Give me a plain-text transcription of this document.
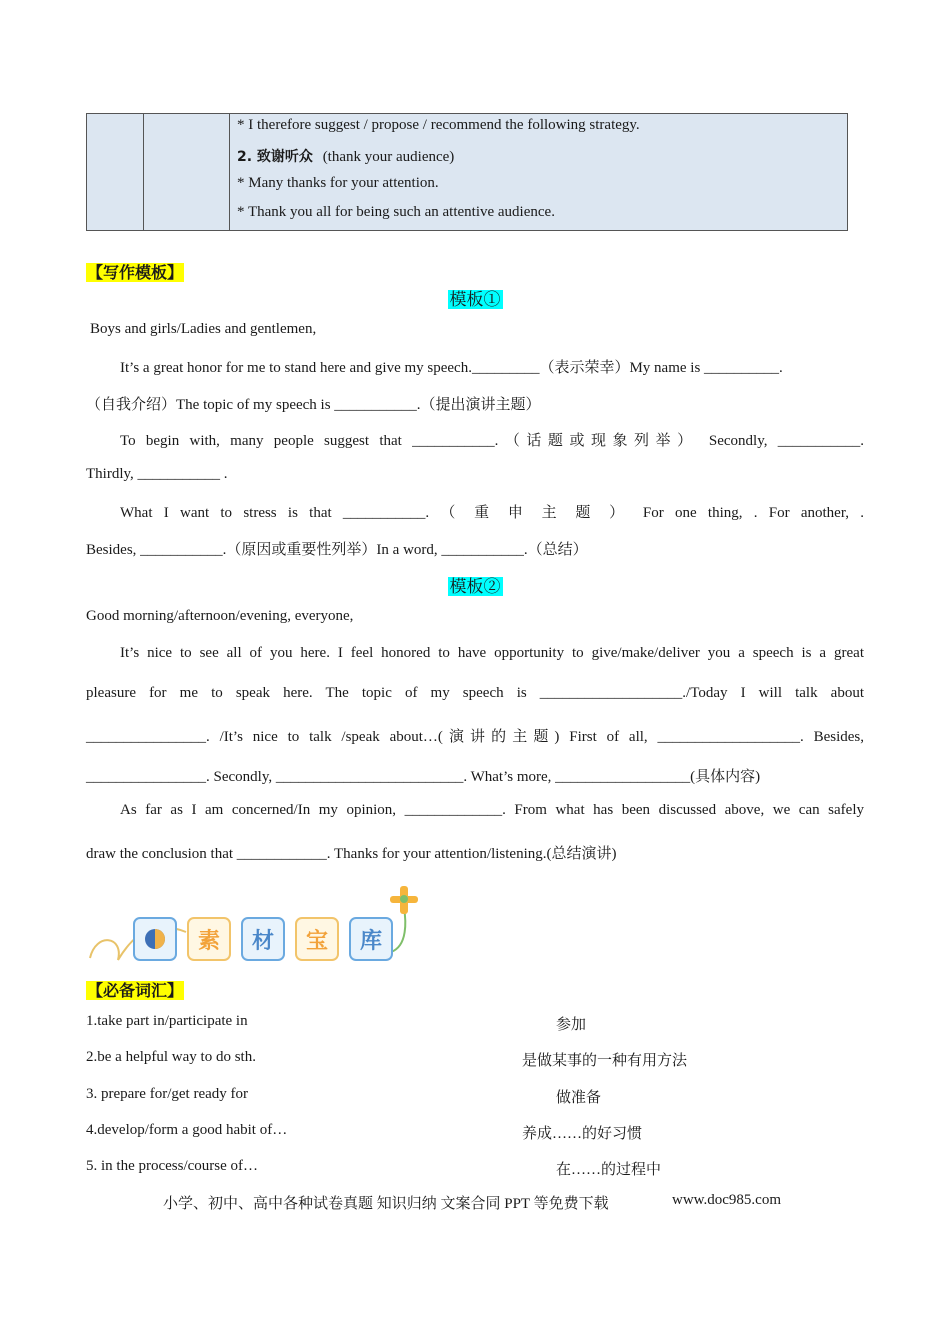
* I therefore suggest / propose / recommend the following strategy.
2. 致谢听众 (thank your audience)
* Many thanks for your attention.
* Thank you all for being such an attentive audience.
【写作模板】
模板①
Boys and girls/Ladies and gentlemen,
It’s a great honor for me to stand here and give my speech._________（表示荣幸）My name is __________.
（自我介绍）The topic of my speech is ___________.（提出演讲主题）
To begin with, many people suggest that ___________.（话题或现象列举） Secondly, ___________.
Thirdly, ___________ .
What I want to stress is that ___________. （ 重 申 主 题 ） For one thing, . For another, .
Besides, ___________.（原因或重要性列举）In a word, ___________.（总结）
模板②
Good morning/afternoon/evening, everyone,
It’s nice to see all of you here. I feel honored to have opportunity to give/make/deliver you a speech is a great
pleasure for me to speak here. The topic of my speech is ___________________./Today I will talk about
________________. /It’s nice to talk /speak about…(演讲的主题) First of all, ___________________. Besides,
________________. Secondly, _________________________. What’s more, __________________(具体内容)
As far as I am concerned/In my opinion, _____________. From what has been discussed above, we can safely
draw the conclusion that ____________. Thanks for your attention/listening.(总结演讲)
素	材	宝	库
【必备词汇】
1.take part in/participate in	参加
2.be a helpful way to do sth.	是做某事的一种有用方法
3. prepare for/get ready for	做准备
4.develop/form a good habit of…	养成……的好习惯
5. in the process/course of…	在……的过程中
小学、初中、高中各种试卷真题 知识归纳 文案合同 PPT 等免费下载	www.doc985.com
